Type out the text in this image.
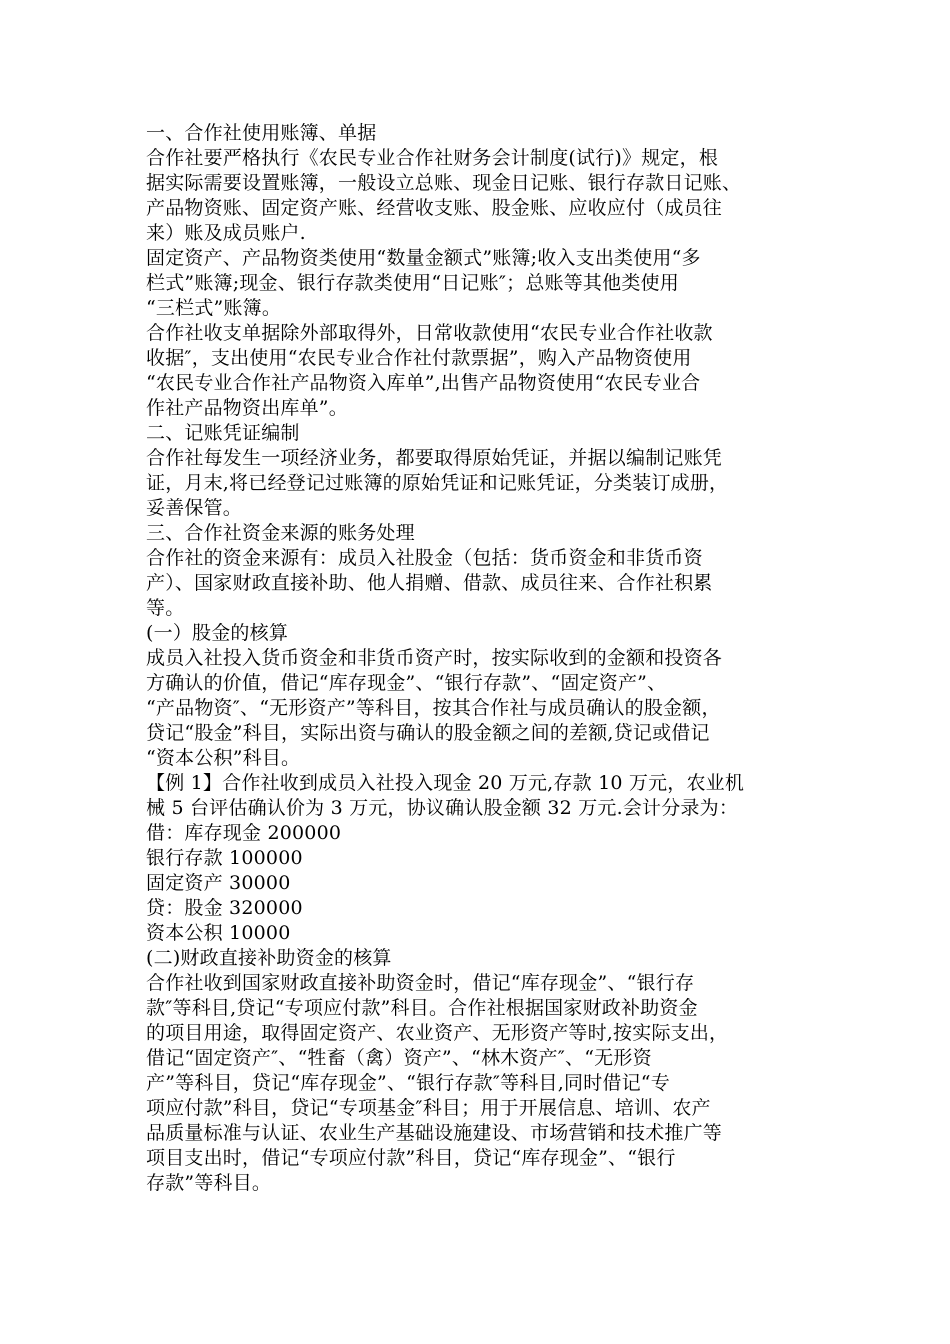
一、合作社使用账簿、单据
合作社要严格执行《农民专业合作社财务会计制度(试行)》规定，根
据实际需要设置账簿，一般设立总账、现金日记账、银行存款日记账、
产品物资账、固定资产账、经营收支账、股金账、应收应付（成员往
来）账及成员账户.
固定资产、产品物资类使用“数量金额式”账簿;收入支出类使用“多
栏式”账簿;现金、银行存款类使用“日记账″；总账等其他类使用
“三栏式”账簿。
合作社收支单据除外部取得外，日常收款使用“农民专业合作社收款
收据″，支出使用“农民专业合作社付款票据”，购入产品物资使用
“农民专业合作社产品物资入库单”,出售产品物资使用“农民专业合
作社产品物资出库单”。
二、记账凭证编制
合作社每发生一项经济业务，都要取得原始凭证，并据以编制记账凭
证，月末,将已经登记过账簿的原始凭证和记账凭证，分类装订成册，
妥善保管。
三、合作社资金来源的账务处理
合作社的资金来源有：成员入社股金（包括：货币资金和非货币资
产）、国家财政直接补助、他人捐赠、借款、成员往来、合作社积累
等。
(一）股金的核算
成员入社投入货币资金和非货币资产时，按实际收到的金额和投资各
方确认的价值，借记“库存现金”、“银行存款”、“固定资产”、
“产品物资″、“无形资产”等科目，按其合作社与成员确认的股金额，
贷记“股金”科目，实际出资与确认的股金额之间的差额,贷记或借记
“资本公积”科目。
【例 1】合作社收到成员入社投入现金 20 万元,存款 10 万元，农业机
械 5 台评估确认价为 3 万元，协议确认股金额 32 万元.会计分录为：
借：库存现金 200000
银行存款 100000
固定资产 30000
贷：股金 320000
资本公积 10000
(二)财政直接补助资金的核算
合作社收到国家财政直接补助资金时，借记“库存现金”、“银行存
款″等科目,贷记“专项应付款”科目。合作社根据国家财政补助资金
的项目用途，取得固定资产、农业资产、无形资产等时,按实际支出，
借记“固定资产″、“牲畜（禽）资产”、“林木资产″、“无形资
产”等科目，贷记“库存现金”、“银行存款″等科目,同时借记“专
项应付款”科目，贷记“专项基金″科目；用于开展信息、培训、农产
品质量标准与认证、农业生产基础设施建设、市场营销和技术推广等
项目支出时，借记“专项应付款”科目，贷记“库存现金”、“银行
存款”等科目。
